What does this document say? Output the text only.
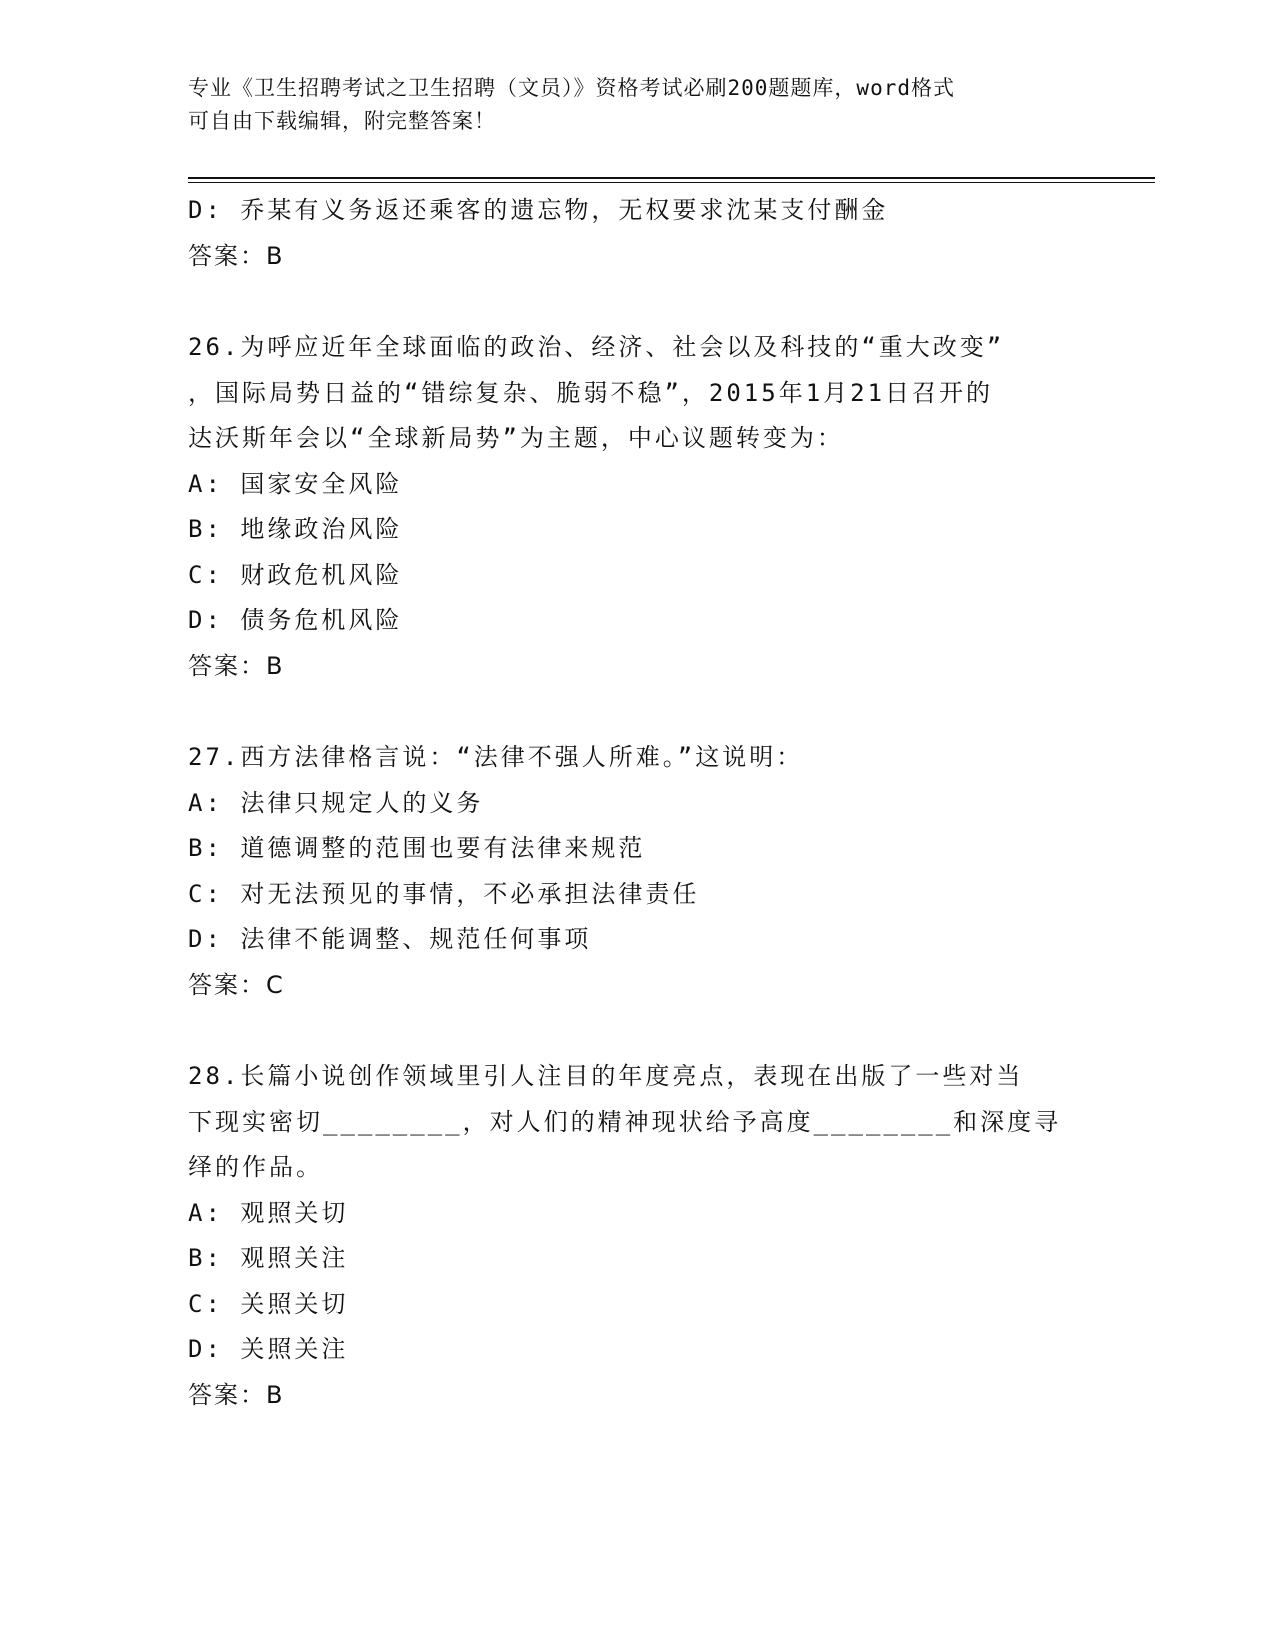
专业《卫生招聘考试之卫生招聘（文员）》资格考试必刷200题题库，word格式
可自由下载编辑，附完整答案！
D: 乔某有义务返还乘客的遗忘物，无权要求沈某支付酬金
答案：B
26.为呼应近年全球面临的政治、经济、社会以及科技的“重大改变”
，国际局势日益的“错综复杂、脆弱不稳”，2015年1月21日召开的
达沃斯年会以“全球新局势”为主题，中心议题转变为：
A: 国家安全风险
B: 地缘政治风险
C: 财政危机风险
D: 债务危机风险
答案：B
27.西方法律格言说：“法律不强人所难。”这说明：
A: 法律只规定人的义务
B: 道德调整的范围也要有法律来规范
C: 对无法预见的事情，不必承担法律责任
D: 法律不能调整、规范任何事项
答案：C
28.长篇小说创作领域里引人注目的年度亮点，表现在出版了一些对当
下现实密切________，对人们的精神现状给予高度________和深度寻
绎的作品。
A: 观照关切
B: 观照关注
C: 关照关切
D: 关照关注
答案：B
